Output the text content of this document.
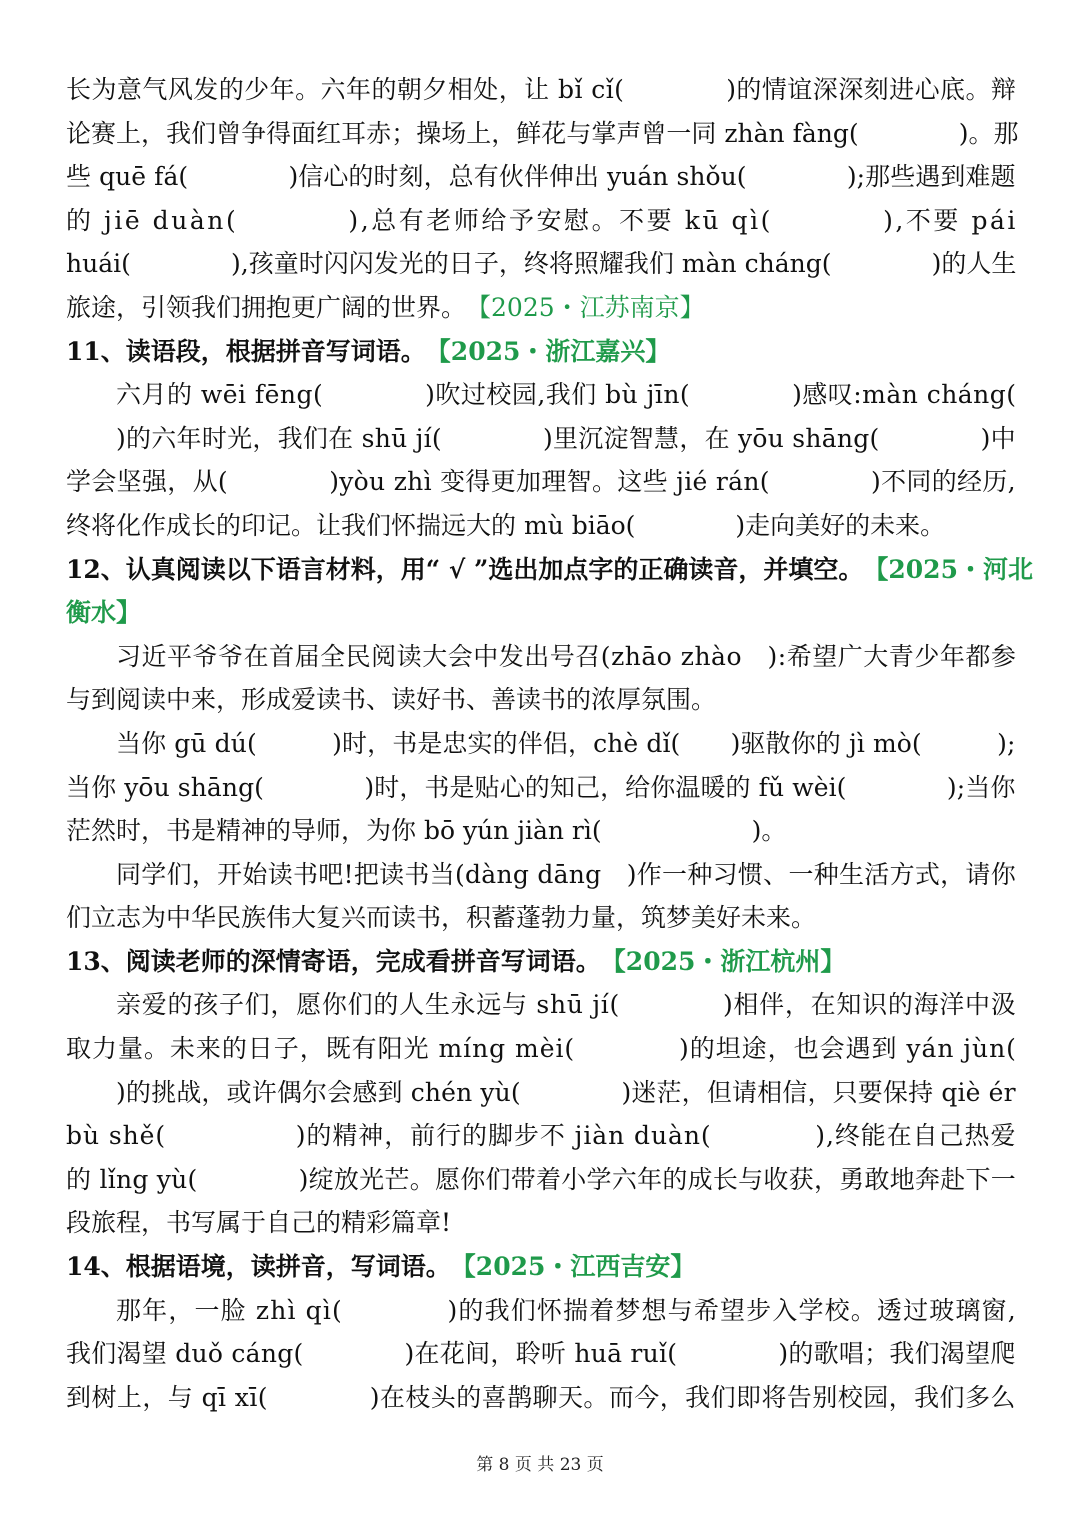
长 为 意 气 风 发 的 少 年 。 六 年 的 朝 夕 相 处 ， 让
b ǐ
c ǐ (

　	) 的 情 谊 深 深 刻 进 心 底 。 辩
论 赛 上 ， 我 们 曾 争 得 面 红 耳 赤 ； 操 场 上 ， 鲜 花 与 掌 声 曾 一 同
z h à n
f à n g (

　	) 。 那
些
q u ē
f á (

　	) 信 心 的 时 刻 ， 总 有 伙 伴 伸 出
y u á n
s h ǒ u (

　	) ; 那 些 遇 到 难 题
的
j i ē
d u à n (

　	) , 总 有 老 师 给 予 安 慰 。 不 要
k ū
q ì (

　	) , 不 要
p á i
h u á i (

　	) , 孩 童 时 闪 闪 发 光 的 日 子 ， 终 将 照 耀 我 们
m à n
c h á n g (

　	) 的 人 生
旅途，引领我们拥抱更广阔的世界。 【2025・江苏南京】
11、读语段，根据拼音写词语。 【2025・浙江嘉兴】
六 月 的
w ē i
f ē n g (

　	) 吹 过 校 园 , 我 们
b ù
j ī n (

　	) 感 叹 : m à n
c h á n g (
) 的 六 年 时 光 ， 我 们 在
s h ū
j í (

　	) 里 沉 淀 智 慧 ， 在
y ō u
s h ā n g (

　	) 中
学 会 坚 强 ， 从 (

　	) y ò u
z h ì
变 得 更 加 理 智 。 这 些
j i é
r á n (

　	) 不 同 的 经 历 ,
终将化作成长的印记。让我们怀揣远大的 mù biāo(　　　　)走向美好的未来。
12、认真阅读以下语言材料，用“ √ ”选出加点字的正确读音，并填空。 【2025・河北
衡水】
习 近 平 爷 爷 在 首 届 全 民 阅 读 大 会 中 发 出 号 召 ( z h ā o
z h à o
　 ) : 希 望 广 大 青 少 年 都 参
与到阅读中来，形成爱读书、读好书、善读书的浓厚氛围。
当 你
g ū
d ú (

　	) 时 ， 书 是 忠 实 的 伴 侣 ， c h è
d ǐ (

　 ) 驱 散 你 的
j ì
m ò (

　	) ;
当 你
y ō u
s h ā n g (

　	) 时 ， 书 是 贴 心 的 知 己 ， 给 你 温 暖 的
f ǔ
w è i (

　	) ; 当 你
茫然时，书是精神的导师，为你 bō yún jiàn rì(　　　　　　)。
同 学 们 ， 开 始 读 书 吧 ! 把 读 书 当 ( d à n g
d ā n g
　 ) 作 一 种 习 惯 、 一 种 生 活 方 式 ， 请 你
们立志为中华民族伟大复兴而读书，积蓄蓬勃力量，筑梦美好未来。
13、阅读老师的深情寄语，完成看拼音写词语。 【2025・浙江杭州】
亲 爱 的 孩 子 们 ， 愿 你 们 的 人 生 永 远 与
s h ū
j í (

　	) 相 伴 ， 在 知 识 的 海 洋 中 汲
取 力 量 。 未 来 的 日 子 ， 既 有 阳 光
m í n g
m è i (

　	) 的 坦 途 ， 也 会 遇 到
y á n
j ù n (
) 的 挑 战 ， 或 许 偶 尔 会 感 到
c h é n
y ù (

　	) 迷 茫 ， 但 请 相 信 ， 只 要 保 持
q i è
é r
b ù
s h ě (

　	) 的 精 神 ， 前 行 的 脚 步 不
j i à n
d u à n (

　	) , 终 能 在 自 己 热 爱
的
l ǐ n g
y ù (

　	) 绽 放 光 芒 。 愿 你 们 带 着 小 学 六 年 的 成 长 与 收 获 ， 勇 敢 地 奔 赴 下 一
段旅程，书写属于自己的精彩篇章!
14、根据语境，读拼音，写词语。 【2025・江西吉安】
那 年 ， 一 脸
z h ì
q ì (

　	) 的 我 们 怀 揣 着 梦 想 与 希 望 步 入 学 校 。 透 过 玻 璃 窗 ,
我 们 渴 望
d u ǒ
c á n g (

　	) 在 花 间 ， 聆 听
h u ā
r u ǐ (

　	) 的 歌 唱 ； 我 们 渴 望 爬
到 树 上 ， 与
q ī
x ī (

　	) 在 枝 头 的 喜 鹊 聊 天 。 而 今 ， 我 们 即 将 告 别 校 园 ， 我 们 多 么
第 8 页 共 23 页
